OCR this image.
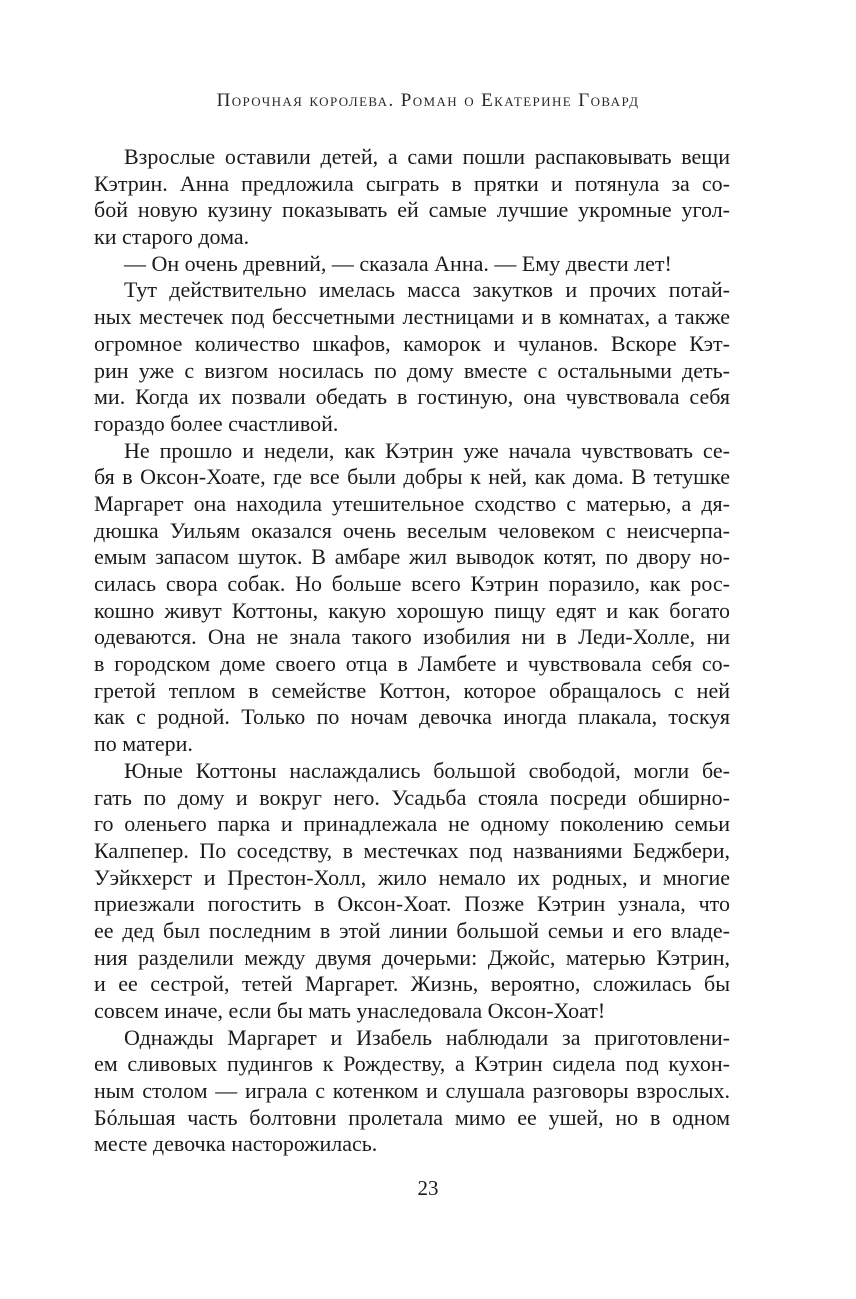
Порочная королева. Роман о Екатерине Говард
Взрослые оставили детей, а сами пошли распаковывать вещи
Кэтрин. Анна предложила сыграть в прятки и потянула за со-
бой новую кузину показывать ей самые лучшие укромные угол-
ки старого дома.
— Он очень древний, — сказала Анна. — Ему двести лет!
Тут действительно имелась масса закутков и прочих потай-
ных местечек под бессчетными лестницами и в комнатах, а также
огромное количество шкафов, каморок и чуланов. Вскоре Кэт-
рин уже с визгом носилась по дому вместе с остальными деть-
ми. Когда их позвали обедать в гостиную, она чувствовала себя
гораздо более счастливой.
Не прошло и недели, как Кэтрин уже начала чувствовать се-
бя в Оксон-Хоате, где все были добры к ней, как дома. В тетушке
Маргарет она находила утешительное сходство с матерью, а дя-
дюшка Уильям оказался очень веселым человеком с неисчерпа-
емым запасом шуток. В амбаре жил выводок котят, по двору но-
силась свора собак. Но больше всего Кэтрин поразило, как рос-
кошно живут Коттоны, какую хорошую пищу едят и как богато
одеваются. Она не знала такого изобилия ни в Леди-Холле, ни
в городском доме своего отца в Ламбете и чувствовала себя со-
гретой теплом в семействе Коттон, которое обращалось с ней
как с родной. Только по ночам девочка иногда плакала, тоскуя
по матери.
Юные Коттоны наслаждались большой свободой, могли бе-
гать по дому и вокруг него. Усадьба стояла посреди обширно-
го оленьего парка и принадлежала не одному поколению семьи
Калпепер. По соседству, в местечках под названиями Беджбери,
Уэйкхерст и Престон-Холл, жило немало их родных, и многие
приезжали погостить в Оксон-Хоат. Позже Кэтрин узнала, что
ее дед был последним в этой линии большой семьи и его владе-
ния разделили между двумя дочерьми: Джойс, матерью Кэтрин,
и ее сестрой, тетей Маргарет. Жизнь, вероятно, сложилась бы
совсем иначе, если бы мать унаследовала Оксон-Хоат!
Однажды Маргарет и Изабель наблюдали за приготовлени-
ем сливовых пудингов к Рождеству, а Кэтрин сидела под кухон-
ным столом — играла с котенком и слушала разговоры взрослых.
Бóльшая часть болтовни пролетала мимо ее ушей, но в одном
месте девочка насторожилась.
23
